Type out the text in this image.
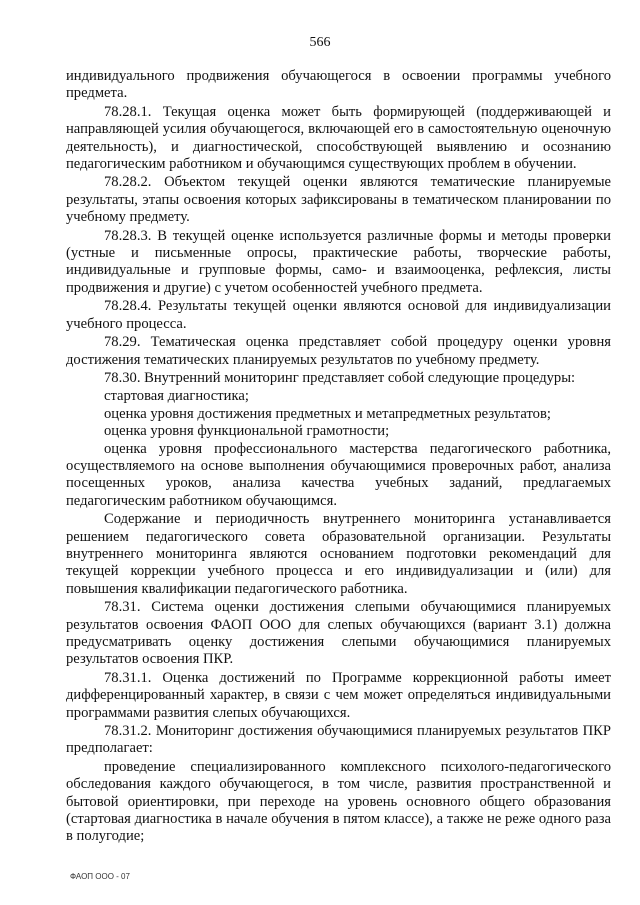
566

индивидуального продвижения обучающегося в освоении программы учебного предмета.

78.28.1. Текущая оценка может быть формирующей (поддерживающей и направляющей усилия обучающегося, включающей его в самостоятельную оценочную деятельность), и диагностической, способствующей выявлению и осознанию педагогическим работником и обучающимся существующих проблем в обучении.

78.28.2. Объектом текущей оценки являются тематические планируемые результаты, этапы освоения которых зафиксированы в тематическом планировании по учебному предмету.

78.28.3. В текущей оценке используется различные формы и методы проверки (устные и письменные опросы, практические работы, творческие работы, индивидуальные и групповые формы, само- и взаимооценка, рефлексия, листы продвижения и другие) с учетом особенностей учебного предмета.

78.28.4. Результаты текущей оценки являются основой для индивидуализации учебного процесса.

78.29. Тематическая оценка представляет собой процедуру оценки уровня достижения тематических планируемых результатов по учебному предмету.

78.30. Внутренний мониторинг представляет собой следующие процедуры:

стартовая диагностика;

оценка уровня достижения предметных и метапредметных результатов;

оценка уровня функциональной грамотности;

оценка уровня профессионального мастерства педагогического работника, осуществляемого на основе выполнения обучающимися проверочных работ, анализа посещенных уроков, анализа качества учебных заданий, предлагаемых педагогическим работником обучающимся.

Содержание и периодичность внутреннего мониторинга устанавливается решением педагогического совета образовательной организации. Результаты внутреннего мониторинга являются основанием подготовки рекомендаций для текущей коррекции учебного процесса и его индивидуализации и (или) для повышения квалификации педагогического работника.

78.31. Система оценки достижения слепыми обучающимися планируемых результатов освоения ФАОП ООО для слепых обучающихся (вариант 3.1) должна предусматривать оценку достижения слепыми обучающимися планируемых результатов освоения ПКР.

78.31.1. Оценка достижений по Программе коррекционной работы имеет дифференцированный характер, в связи с чем может определяться индивидуальными программами развития слепых обучающихся.

78.31.2. Мониторинг достижения обучающимися планируемых результатов ПКР предполагает:

проведение специализированного комплексного психолого-педагогического обследования каждого обучающегося, в том числе, развития пространственной и бытовой ориентировки, при переходе на уровень основного общего образования (стартовая диагностика в начале обучения в пятом классе), а также не реже одного раза в полугодие;

ФАОП ООО - 07
